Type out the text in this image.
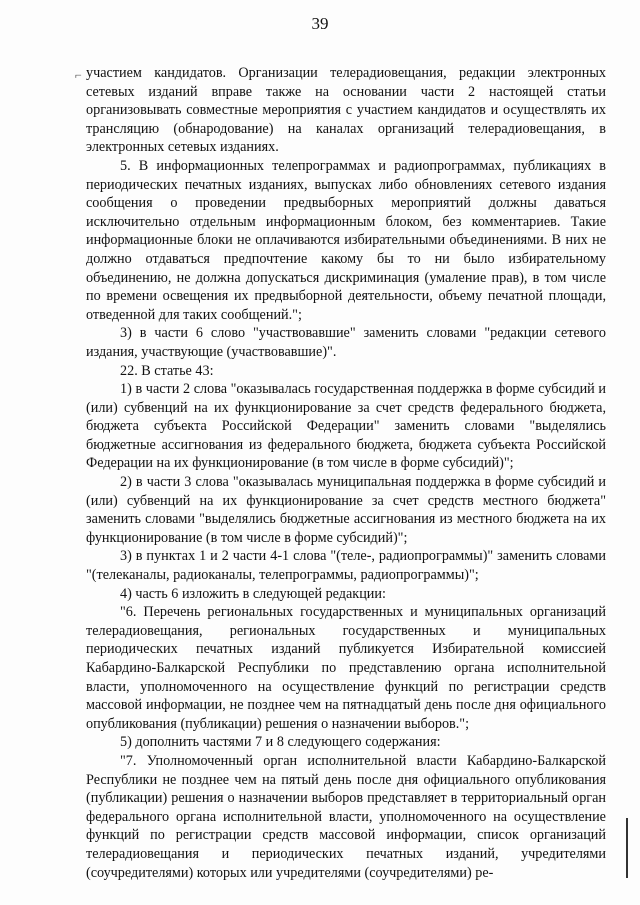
39
⌐ участием кандидатов. Организации телерадиовещания, редакции электронных сетевых изданий вправе также на основании части 2 настоящей статьи организовывать совместные мероприятия с участием кандидатов и осуществлять их трансляцию (обнародование) на каналах организаций телерадиовещания, в электронных сетевых изданиях.

5. В информационных телепрограммах и радиопрограммах, публикациях в периодических печатных изданиях, выпусках либо обновлениях сетевого издания сообщения о проведении предвыборных мероприятий должны даваться исключительно отдельным информационным блоком, без комментариев. Такие информационные блоки не оплачиваются избирательными объединениями. В них не должно отдаваться предпочтение какому бы то ни было избирательному объединению, не должна допускаться дискриминация (умаление прав), в том числе по времени освещения их предвыборной деятельности, объему печатной площади, отведенной для таких сообщений.";

3) в части 6 слово "участвовавшие" заменить словами "редакции сетевого издания, участвующие (участвовавшие)".

22. В статье 43:

1) в части 2 слова "оказывалась государственная поддержка в форме субсидий и (или) субвенций на их функционирование за счет средств федерального бюджета, бюджета субъекта Российской Федерации" заменить словами "выделялись бюджетные ассигнования из федерального бюджета, бюджета субъекта Российской Федерации на их функционирование (в том числе в форме субсидий)";

2) в части 3 слова "оказывалась муниципальная поддержка в форме субсидий и (или) субвенций на их функционирование за счет средств местного бюджета" заменить словами "выделялись бюджетные ассигнования из местного бюджета на их функционирование (в том числе в форме субсидий)";

3) в пунктах 1 и 2 части 4-1 слова "(теле-, радиопрограммы)" заменить словами "(телеканалы, радиоканалы, телепрограммы, радиопрограммы)";

4) часть 6 изложить в следующей редакции:

"6. Перечень региональных государственных и муниципальных организаций телерадиовещания, региональных государственных и муниципальных периодических печатных изданий публикуется Избирательной комиссией Кабардино-Балкарской Республики по представлению органа исполнительной власти, уполномоченного на осуществление функций по регистрации средств массовой информации, не позднее чем на пятнадцатый день после дня официального опубликования (публикации) решения о назначении выборов.";

5) дополнить частями 7 и 8 следующего содержания:

"7. Уполномоченный орган исполнительной власти Кабардино-Балкарской Республики не позднее чем на пятый день после дня официального опубликования (публикации) решения о назначении выборов представляет в территориальный орган федерального органа исполнительной власти, уполномоченного на осуществление функций по регистрации средств массовой информации, список организаций телерадиовещания и периодических печатных изданий, учредителями (соучредителями) которых или учредителями (соучредителями) ре-
